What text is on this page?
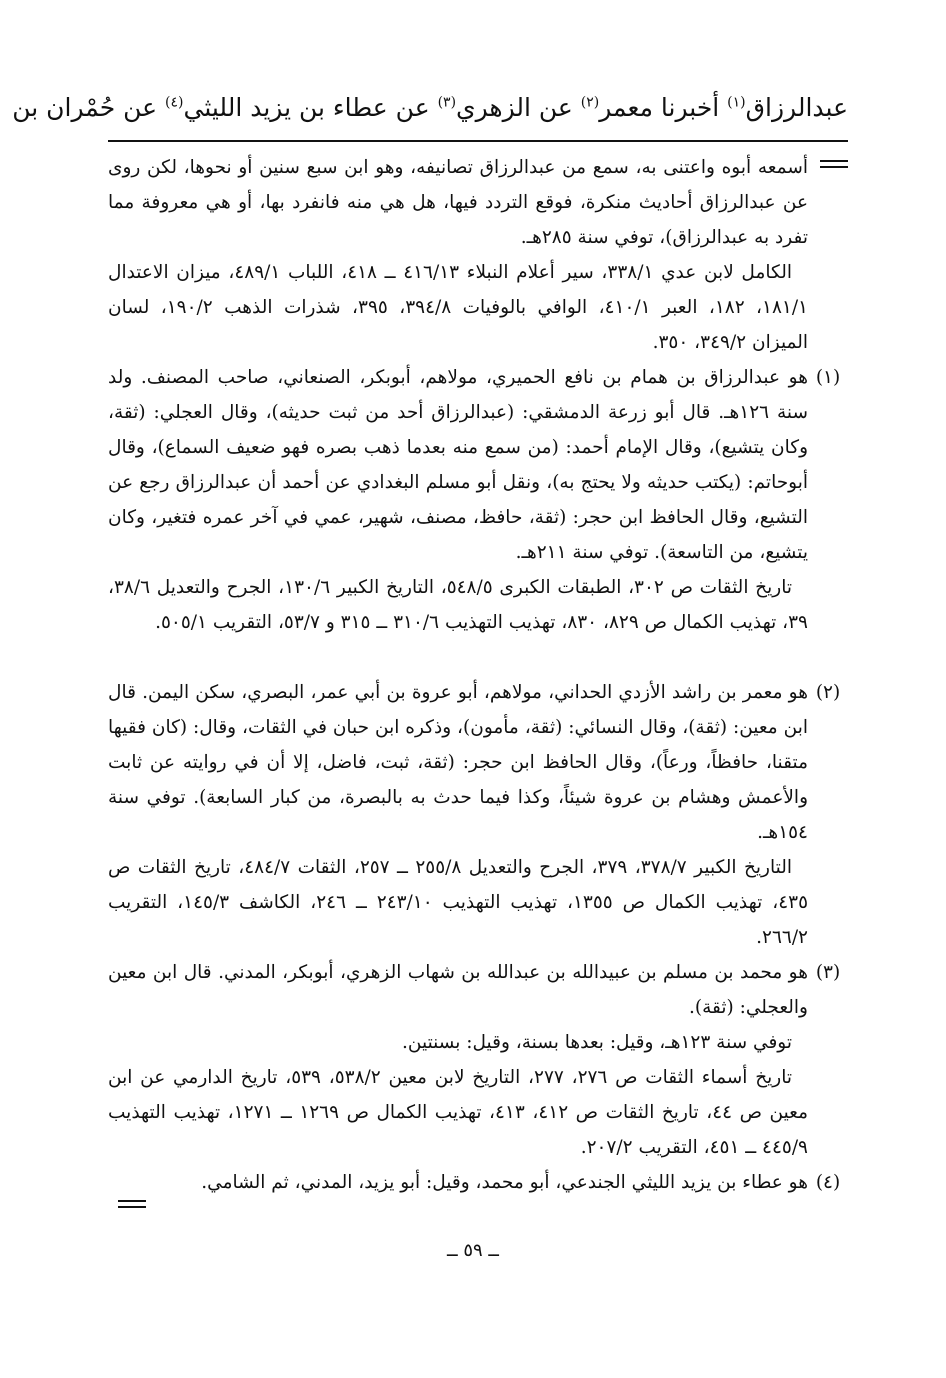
عبدالرزاق$^{(١)}$ أخبرنا معمر$^{(٢)}$ عن الزهري$^{(٣)}$ عن عطاء بن يزيد الليثي$^{(٤)}$ عن حُمْران بن

أسمعه أبوه واعتنى به، سمع من عبدالرزاق تصانيفه، وهو ابن سبع سنين أو نحوها، لكن روى عن عبدالرزاق أحاديث منكرة، فوقع التردد فيها، هل هي منه فانفرد بها، أو هي معروفة مما تفرد به عبدالرزاق)، توفي سنة ٢٨٥هـ.

الكامل لابن عدي ٣٣٨/١، سير أعلام النبلاء ٤١٦/١٣ ــ ٤١٨، اللباب ٤٨٩/١، ميزان الاعتدال ١٨١/١، ١٨٢، العبر ٤١٠/١، الوافي بالوفيات ٣٩٤/٨، ٣٩٥، شذرات الذهب ١٩٠/٢، لسان الميزان ٣٤٩/٢، ٣٥٠.

(١)

هو عبدالرزاق بن همام بن نافع الحميري، مولاهم، أبوبكر، الصنعاني، صاحب المصنف. ولد سنة ١٢٦هـ. قال أبو زرعة الدمشقي: (عبدالرزاق أحد من ثبت حديثه)، وقال العجلي: (ثقة، وكان يتشيع)، وقال الإمام أحمد: (من سمع منه بعدما ذهب بصره فهو ضعيف السماع)، وقال أبوحاتم: (يكتب حديثه ولا يحتج به)، ونقل أبو مسلم البغدادي عن أحمد أن عبدالرزاق رجع عن التشيع، وقال الحافظ ابن حجر: (ثقة، حافظ، مصنف، شهير، عمي في آخر عمره فتغير، وكان يتشيع، من التاسعة). توفي سنة ٢١١هـ.

تاريخ الثقات ص ٣٠٢، الطبقات الكبرى ٥٤٨/٥، التاريخ الكبير ١٣٠/٦، الجرح والتعديل ٣٨/٦، ٣٩، تهذيب الكمال ص ٨٢٩، ٨٣٠، تهذيب التهذيب ٣١٠/٦ ــ ٣١٥ و ٥٣/٧، التقريب ٥٠٥/١.

(٢)

هو معمر بن راشد الأزدي الحداني، مولاهم، أبو عروة بن أبي عمر، البصري، سكن اليمن. قال ابن معين: (ثقة)، وقال النسائي: (ثقة، مأمون)، وذكره ابن حبان في الثقات، وقال: (كان فقيها متقنا، حافظاً، ورعاً)، وقال الحافظ ابن حجر: (ثقة، ثبت، فاضل، إلا أن في روايته عن ثابت والأعمش وهشام بن عروة شيئاً، وكذا فيما حدث به بالبصرة، من كبار السابعة). توفي سنة ١٥٤هـ.

التاريخ الكبير ٣٧٨/٧، ٣٧٩، الجرح والتعديل ٢٥٥/٨ ــ ٢٥٧، الثقات ٤٨٤/٧، تاريخ الثقات ص ٤٣٥، تهذيب الكمال ص ١٣٥٥، تهذيب التهذيب ٢٤٣/١٠ ــ ٢٤٦، الكاشف ١٤٥/٣، التقريب ٢٦٦/٢.

(٣)

هو محمد بن مسلم بن عبيدالله بن عبدالله بن شهاب الزهري، أبوبكر، المدني. قال ابن معين والعجلي: (ثقة).

توفي سنة ١٢٣هـ، وقيل: بعدها بسنة، وقيل: بسنتين.

تاريخ أسماء الثقات ص ٢٧٦، ٢٧٧، التاريخ لابن معين ٥٣٨/٢، ٥٣٩، تاريخ الدارمي عن ابن معين ص ٤٤، تاريخ الثقات ص ٤١٢، ٤١٣، تهذيب الكمال ص ١٢٦٩ ــ ١٢٧١، تهذيب التهذيب ٤٤٥/٩ ــ ٤٥١، التقريب ٢٠٧/٢.

(٤)

هو عطاء بن يزيد الليثي الجندعي، أبو محمد، وقيل: أبو يزيد، المدني، ثم الشامي.

ــ ٥٩ ــ
